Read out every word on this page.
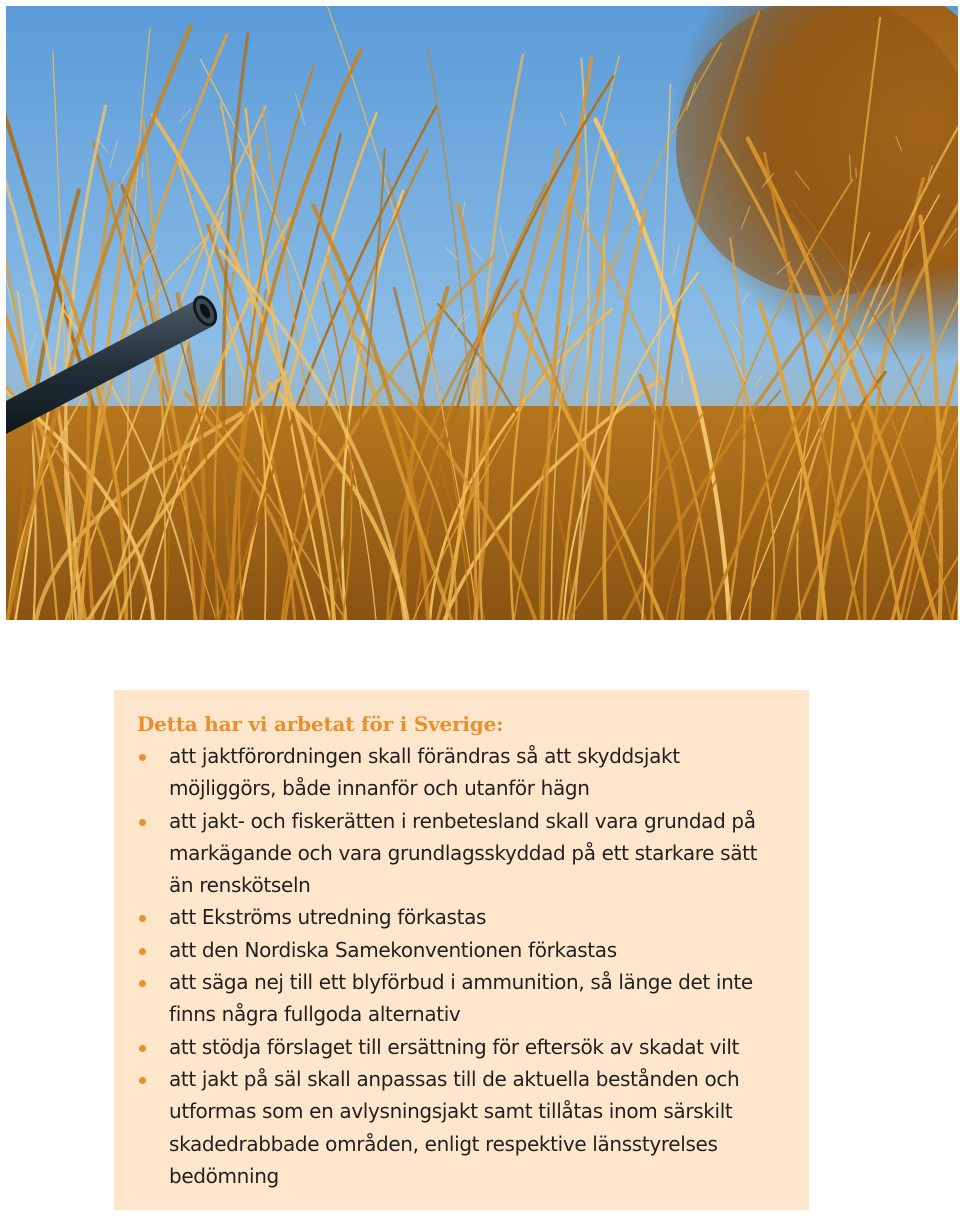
Detta har vi arbetat för i Sverige:
att jaktförordningen skall förändras så att skyddsjakt möjliggörs, både innanför och utanför hägn
att jakt- och fiskerätten i renbetesland skall vara grundad på markägande och vara grundlagsskyddad på ett starkare sätt än renskötseln
att Ekströms utredning förkastas
att den Nordiska Samekonventionen förkastas
att säga nej till ett blyförbud i ammunition, så länge det inte finns några fullgoda alternativ
att stödja förslaget till ersättning för eftersök av skadat vilt
att jakt på säl skall anpassas till de aktuella bestånden och utformas som en avlysningsjakt samt tillåtas inom särskilt skadedrabbade områden, enligt respektive länsstyrelses bedömning
